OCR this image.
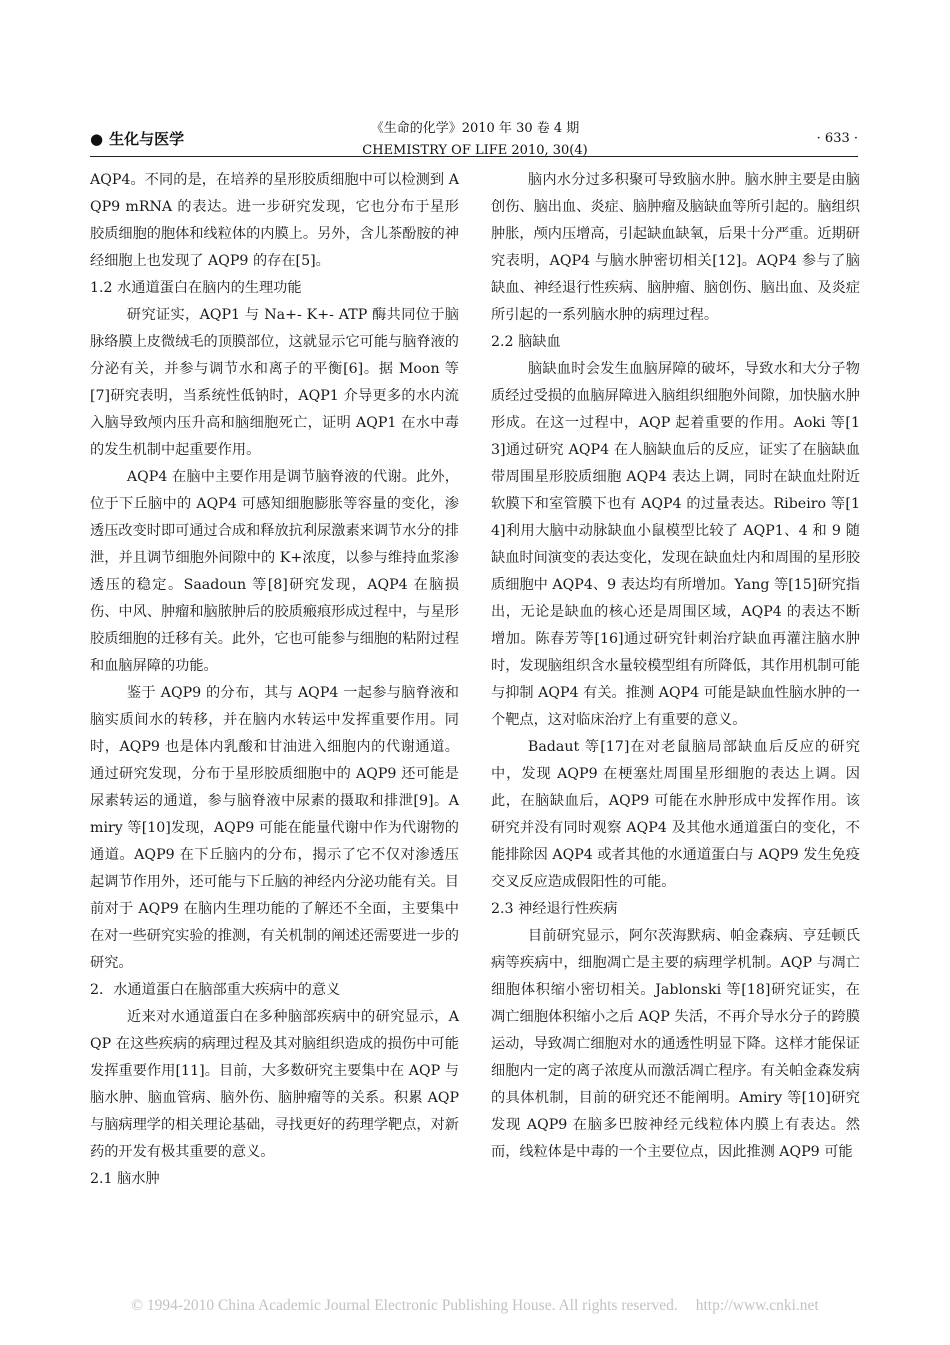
● 生化与医学
《生命的化学》2010 年 30 卷 4 期
CHEMISTRY OF LIFE 2010, 30(4)
· 633 ·

AQP4。不同的是，在培养的星形胶质细胞中可以检测到 AQP9 mRNA 的表达。进一步研究发现，它也分布于星形胶质细胞的胞体和线粒体的内膜上。另外，含儿茶酚胺的神经细胞上也发现了 AQP9 的存在[5]。

1.2 水通道蛋白在脑内的生理功能

研究证实，AQP1 与 Na+- K+- ATP 酶共同位于脑脉络膜上皮微绒毛的顶膜部位，这就显示它可能与脑脊液的分泌有关，并参与调节水和离子的平衡[6]。据 Moon 等[7]研究表明，当系统性低钠时，AQP1 介导更多的水内流入脑导致颅内压升高和脑细胞死亡，证明 AQP1 在水中毒的发生机制中起重要作用。

AQP4 在脑中主要作用是调节脑脊液的代谢。此外，位于下丘脑中的 AQP4 可感知细胞膨胀等容量的变化，渗透压改变时即可通过合成和释放抗利尿激素来调节水分的排泄，并且调节细胞外间隙中的 K+浓度，以参与维持血浆渗透压的稳定。Saadoun 等[8]研究发现，AQP4 在脑损伤、中风、肿瘤和脑脓肿后的胶质瘢痕形成过程中，与星形胶质细胞的迁移有关。此外，它也可能参与细胞的粘附过程和血脑屏障的功能。

鉴于 AQP9 的分布，其与 AQP4 一起参与脑脊液和脑实质间水的转移，并在脑内水转运中发挥重要作用。同时，AQP9 也是体内乳酸和甘油进入细胞内的代谢通道。通过研究发现，分布于星形胶质细胞中的 AQP9 还可能是尿素转运的通道，参与脑脊液中尿素的摄取和排泄[9]。Amiry 等[10]发现，AQP9 可能在能量代谢中作为代谢物的通道。AQP9 在下丘脑内的分布，揭示了它不仅对渗透压起调节作用外，还可能与下丘脑的神经内分泌功能有关。目前对于 AQP9 在脑内生理功能的了解还不全面，主要集中在对一些研究实验的推测，有关机制的阐述还需要进一步的研究。

2．水通道蛋白在脑部重大疾病中的意义

近来对水通道蛋白在多种脑部疾病中的研究显示，AQP 在这些疾病的病理过程及其对脑组织造成的损伤中可能发挥重要作用[11]。目前，大多数研究主要集中在 AQP 与脑水肿、脑血管病、脑外伤、脑肿瘤等的关系。积累 AQP 与脑病理学的相关理论基础，寻找更好的药理学靶点，对新药的开发有极其重要的意义。

2.1 脑水肿

脑内水分过多积聚可导致脑水肿。脑水肿主要是由脑创伤、脑出血、炎症、脑肿瘤及脑缺血等所引起的。脑组织肿胀，颅内压增高，引起缺血缺氧，后果十分严重。近期研究表明，AQP4 与脑水肿密切相关[12]。AQP4 参与了脑缺血、神经退行性疾病、脑肿瘤、脑创伤、脑出血、及炎症所引起的一系列脑水肿的病理过程。

2.2 脑缺血

脑缺血时会发生血脑屏障的破坏，导致水和大分子物质经过受损的血脑屏障进入脑组织细胞外间隙，加快脑水肿形成。在这一过程中，AQP 起着重要的作用。Aoki 等[13]通过研究 AQP4 在人脑缺血后的反应，证实了在脑缺血带周围星形胶质细胞 AQP4 表达上调，同时在缺血灶附近软膜下和室管膜下也有 AQP4 的过量表达。Ribeiro 等[14]利用大脑中动脉缺血小鼠模型比较了 AQP1、4 和 9 随缺血时间演变的表达变化，发现在缺血灶内和周围的星形胶质细胞中 AQP4、9 表达均有所增加。Yang 等[15]研究指出，无论是缺血的核心还是周围区域，AQP4 的表达不断增加。陈春芳等[16]通过研究针刺治疗缺血再灌注脑水肿时，发现脑组织含水量较模型组有所降低，其作用机制可能与抑制 AQP4 有关。推测 AQP4 可能是缺血性脑水肿的一个靶点，这对临床治疗上有重要的意义。

Badaut 等[17]在对老鼠脑局部缺血后反应的研究中，发现 AQP9 在梗塞灶周围星形细胞的表达上调。因此，在脑缺血后，AQP9 可能在水肿形成中发挥作用。该研究并没有同时观察 AQP4 及其他水通道蛋白的变化，不能排除因 AQP4 或者其他的水通道蛋白与 AQP9 发生免疫交叉反应造成假阳性的可能。

2.3 神经退行性疾病

目前研究显示，阿尔茨海默病、帕金森病、亨廷顿氏病等疾病中，细胞凋亡是主要的病理学机制。AQP 与凋亡细胞体积缩小密切相关。Jablonski 等[18]研究证实，在凋亡细胞体积缩小之后 AQP 失活，不再介导水分子的跨膜运动，导致凋亡细胞对水的通透性明显下降。这样才能保证细胞内一定的离子浓度从而激活凋亡程序。有关帕金森发病的具体机制，目前的研究还不能阐明。Amiry 等[10]研究发现 AQP9 在脑多巴胺神经元线粒体内膜上有表达。然而，线粒体是中毒的一个主要位点，因此推测 AQP9 可能

© 1994-2010 China Academic Journal Electronic Publishing House. All rights reserved. http://www.cnki.net
